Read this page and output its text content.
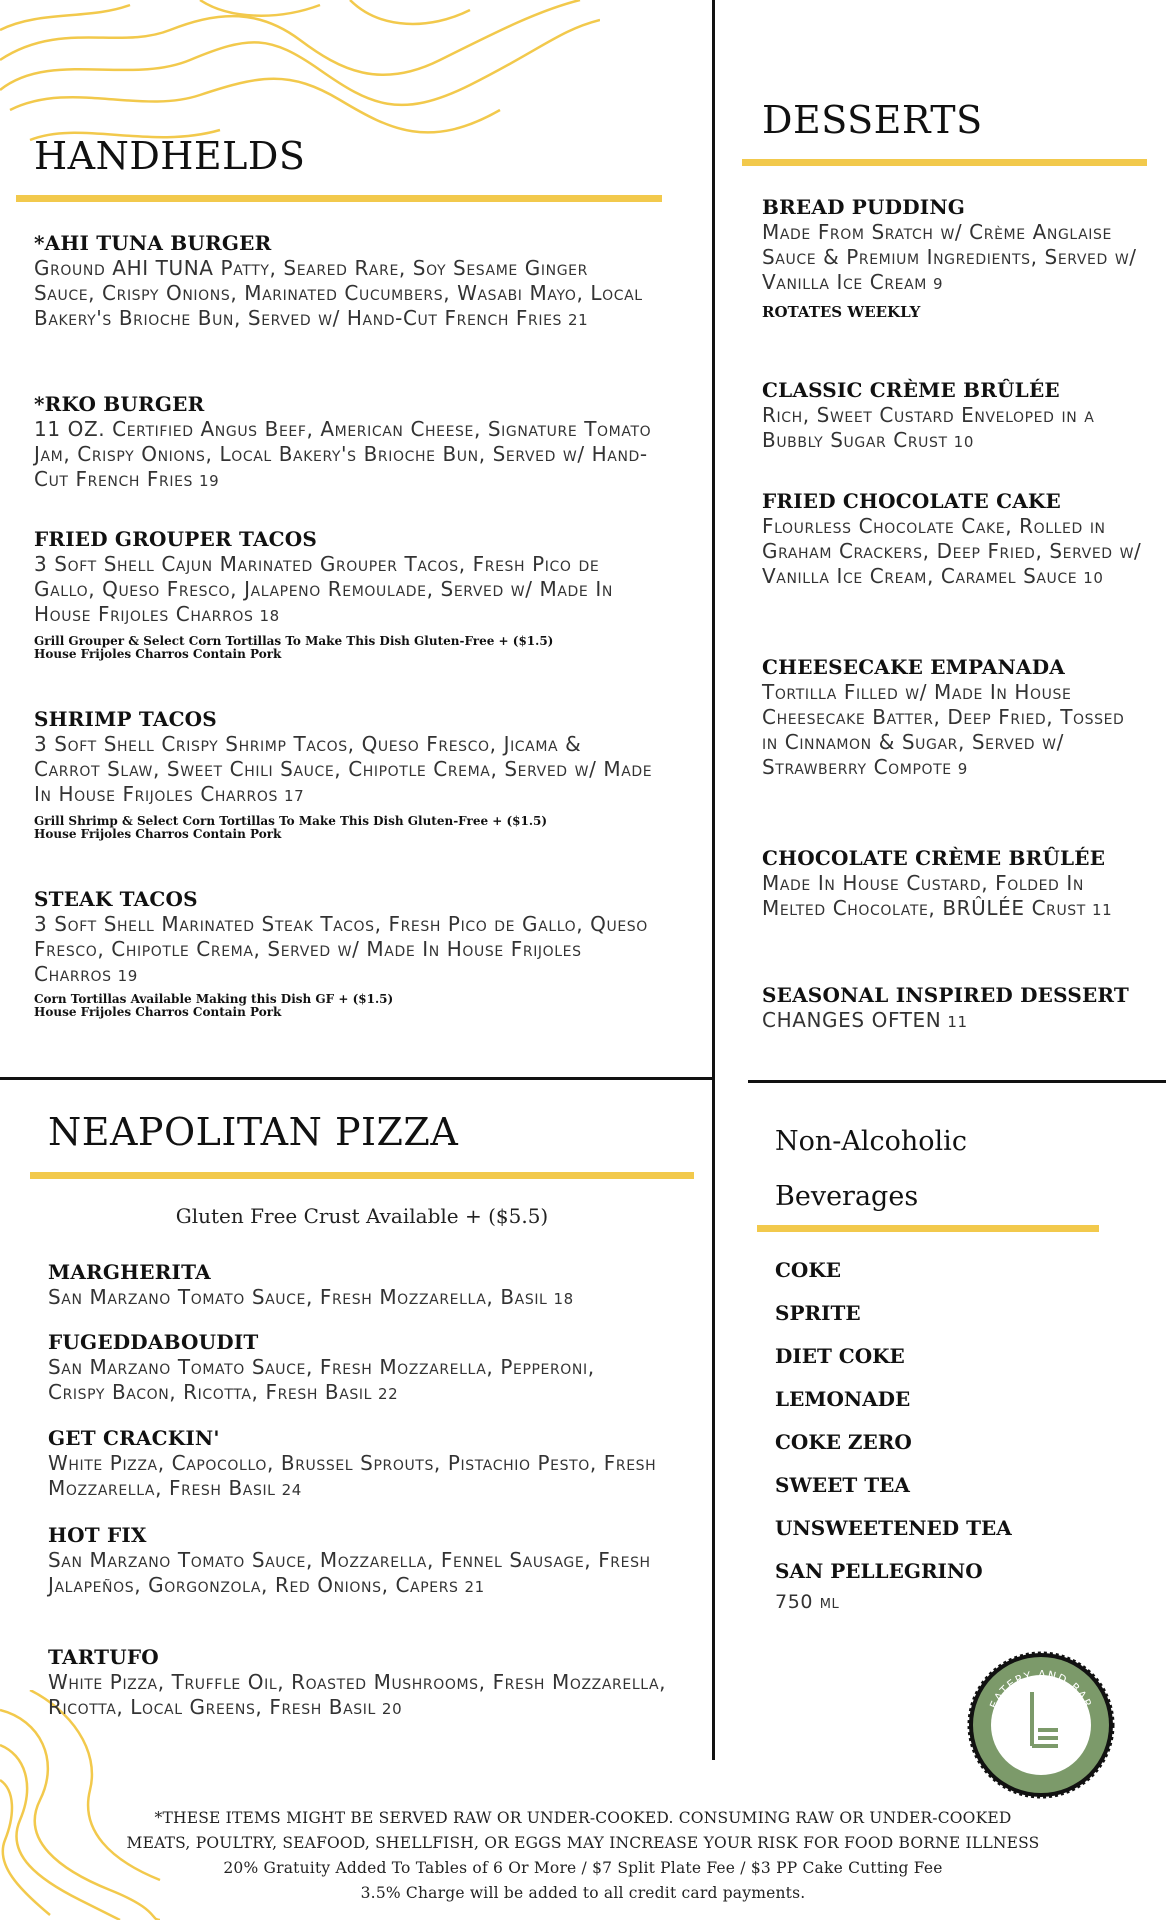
HANDHELDS
*AHI TUNA BURGER
Ground AHI TUNA Patty, Seared Rare, Soy Sesame Ginger Sauce, Crispy Onions, Marinated Cucumbers, Wasabi Mayo, Local Bakery's Brioche Bun, Served w/ Hand-Cut French Fries 21
*RKO BURGER
11 OZ. Certified Angus Beef, American Cheese, Signature Tomato Jam, Crispy Onions, Local Bakery's Brioche Bun, Served w/ Hand-Cut French Fries 19
FRIED GROUPER TACOS
3 Soft Shell Cajun Marinated Grouper Tacos, Fresh Pico de Gallo, Queso Fresco, Jalapeno Remoulade, Served w/ Made In House Frijoles Charros 18
Grill Grouper & Select Corn Tortillas To Make This Dish Gluten-Free + ($1.5)
House Frijoles Charros Contain Pork
SHRIMP TACOS
3 Soft Shell Crispy Shrimp Tacos, Queso Fresco, Jicama & Carrot Slaw, Sweet Chili Sauce, Chipotle Crema, Served w/ Made In House Frijoles Charros 17
Grill Shrimp & Select Corn Tortillas To Make This Dish Gluten-Free + ($1.5)
House Frijoles Charros Contain Pork
STEAK TACOS
3 Soft Shell Marinated Steak Tacos, Fresh Pico de Gallo, Queso Fresco, Chipotle Crema, Served w/ Made In House Frijoles Charros 19
Corn Tortillas Available Making this Dish GF + ($1.5)
House Frijoles Charros Contain Pork
DESSERTS
BREAD PUDDING
Made From Sratch w/ Crème Anglaise Sauce & Premium Ingredients, Served w/ Vanilla Ice Cream 9
ROTATES WEEKLY
CLASSIC CRÈME BRÛLÉE
Rich, Sweet Custard Enveloped in a Bubbly Sugar Crust 10
FRIED CHOCOLATE CAKE
Flourless Chocolate Cake, Rolled in Graham Crackers, Deep Fried, Served w/ Vanilla Ice Cream, Caramel Sauce 10
CHEESECAKE EMPANADA
Tortilla Filled w/ Made In House Cheesecake Batter, Deep Fried, Tossed in Cinnamon & Sugar, Served w/ Strawberry Compote 9
CHOCOLATE CRÈME BRÛLÉE
Made In House Custard, Folded In Melted Chocolate, BRÛLÉE Crust 11
SEASONAL INSPIRED DESSERT
CHANGES OFTEN 11
NEAPOLITAN PIZZA
Gluten Free Crust Available + ($5.5)
MARGHERITA
San Marzano Tomato Sauce, Fresh Mozzarella, Basil 18
FUGEDDABOUDIT
San Marzano Tomato Sauce, Fresh Mozzarella, Pepperoni, Crispy Bacon, Ricotta, Fresh Basil 22
GET CRACKIN'
White Pizza, Capocollo, Brussel Sprouts, Pistachio Pesto, Fresh Mozzarella, Fresh Basil 24
HOT FIX
San Marzano Tomato Sauce, Mozzarella, Fennel Sausage, Fresh Jalapeños, Gorgonzola, Red Onions, Capers 21
TARTUFO
White Pizza, Truffle Oil, Roasted Mushrooms, Fresh Mozzarella, Ricotta, Local Greens, Fresh Basil 20
Non-Alcoholic
Beverages
COKE
SPRITE
DIET COKE
LEMONADE
COKE ZERO
SWEET TEA
UNSWEETENED TEA
SAN PELLEGRINO
750 ml
EATERY AND BAR
LON
*THESE ITEMS MIGHT BE SERVED RAW OR UNDER-COOKED. CONSUMING RAW OR UNDER-COOKED
MEATS, POULTRY, SEAFOOD, SHELLFISH, OR EGGS MAY INCREASE YOUR RISK FOR FOOD BORNE ILLNESS
20% Gratuity Added To Tables of 6 Or More / $7 Split Plate Fee / $3 PP Cake Cutting Fee
3.5% Charge will be added to all credit card payments.
